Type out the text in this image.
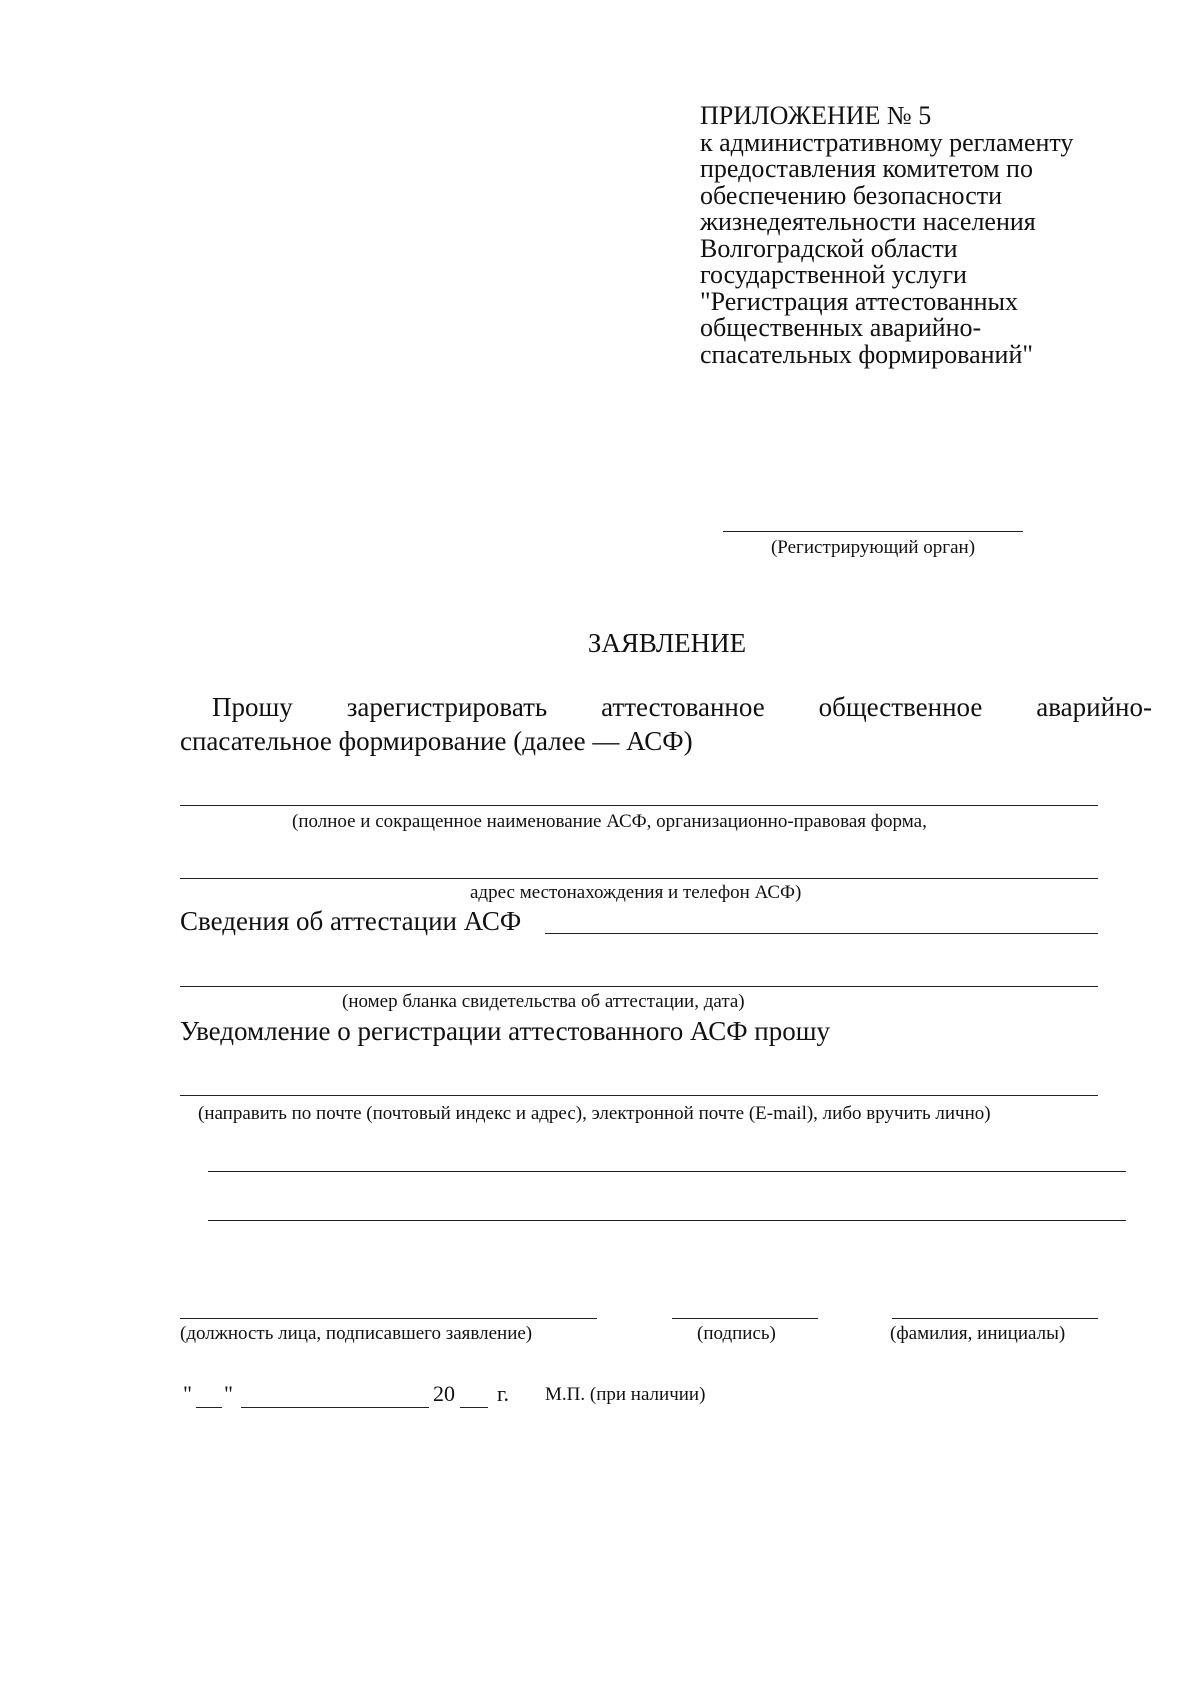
ПРИЛОЖЕНИЕ № 5
к административному регламенту
предоставления комитетом по
обеспечению безопасности
жизнедеятельности населения
Волгоградской области
государственной услуги
"Регистрация аттестованных
общественных аварийно-
спасательных формирований"
(Регистрирующий орган)
ЗАЯВЛЕНИЕ
Прошу зарегистрировать аттестованное общественное аварийно-
спасательное формирование (далее — АСФ)
(полное и сокращенное наименование АСФ, организационно-правовая форма,
адрес местонахождения и телефон АСФ)
Сведения об аттестации АСФ
(номер бланка свидетельства об аттестации, дата)
Уведомление о регистрации аттестованного АСФ прошу
(направить по почте (почтовый индекс и адрес), электронной почте (E-mail), либо вручить лично)
(должность лица, подписавшего заявление)	(подпись)	(фамилия, инициалы)
" "	20 г. М.П. (при наличии)
